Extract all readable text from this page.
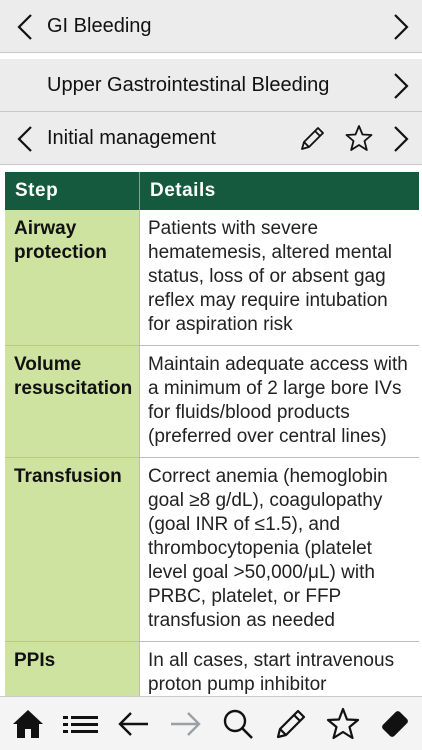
GI Bleeding
Upper Gastrointestinal Bleeding
Initial management
Step	Details
Airway protection	Patients with severe hematemesis, altered mental status, loss of or absent gag reflex may require intubation for aspiration risk
Volume resuscitation	Maintain adequate access with a minimum of 2 large bore IVs for fluids/blood products (preferred over central lines)
Transfusion	Correct anemia (hemoglobin goal ≥8 g/dL), coagulopathy (goal INR of ≤1.5), and thrombocytopenia (platelet level goal >50,000/μL) with PRBC, platelet, or FFP transfusion as needed
PPIs	In all cases, start intravenous proton pump inhibitor
